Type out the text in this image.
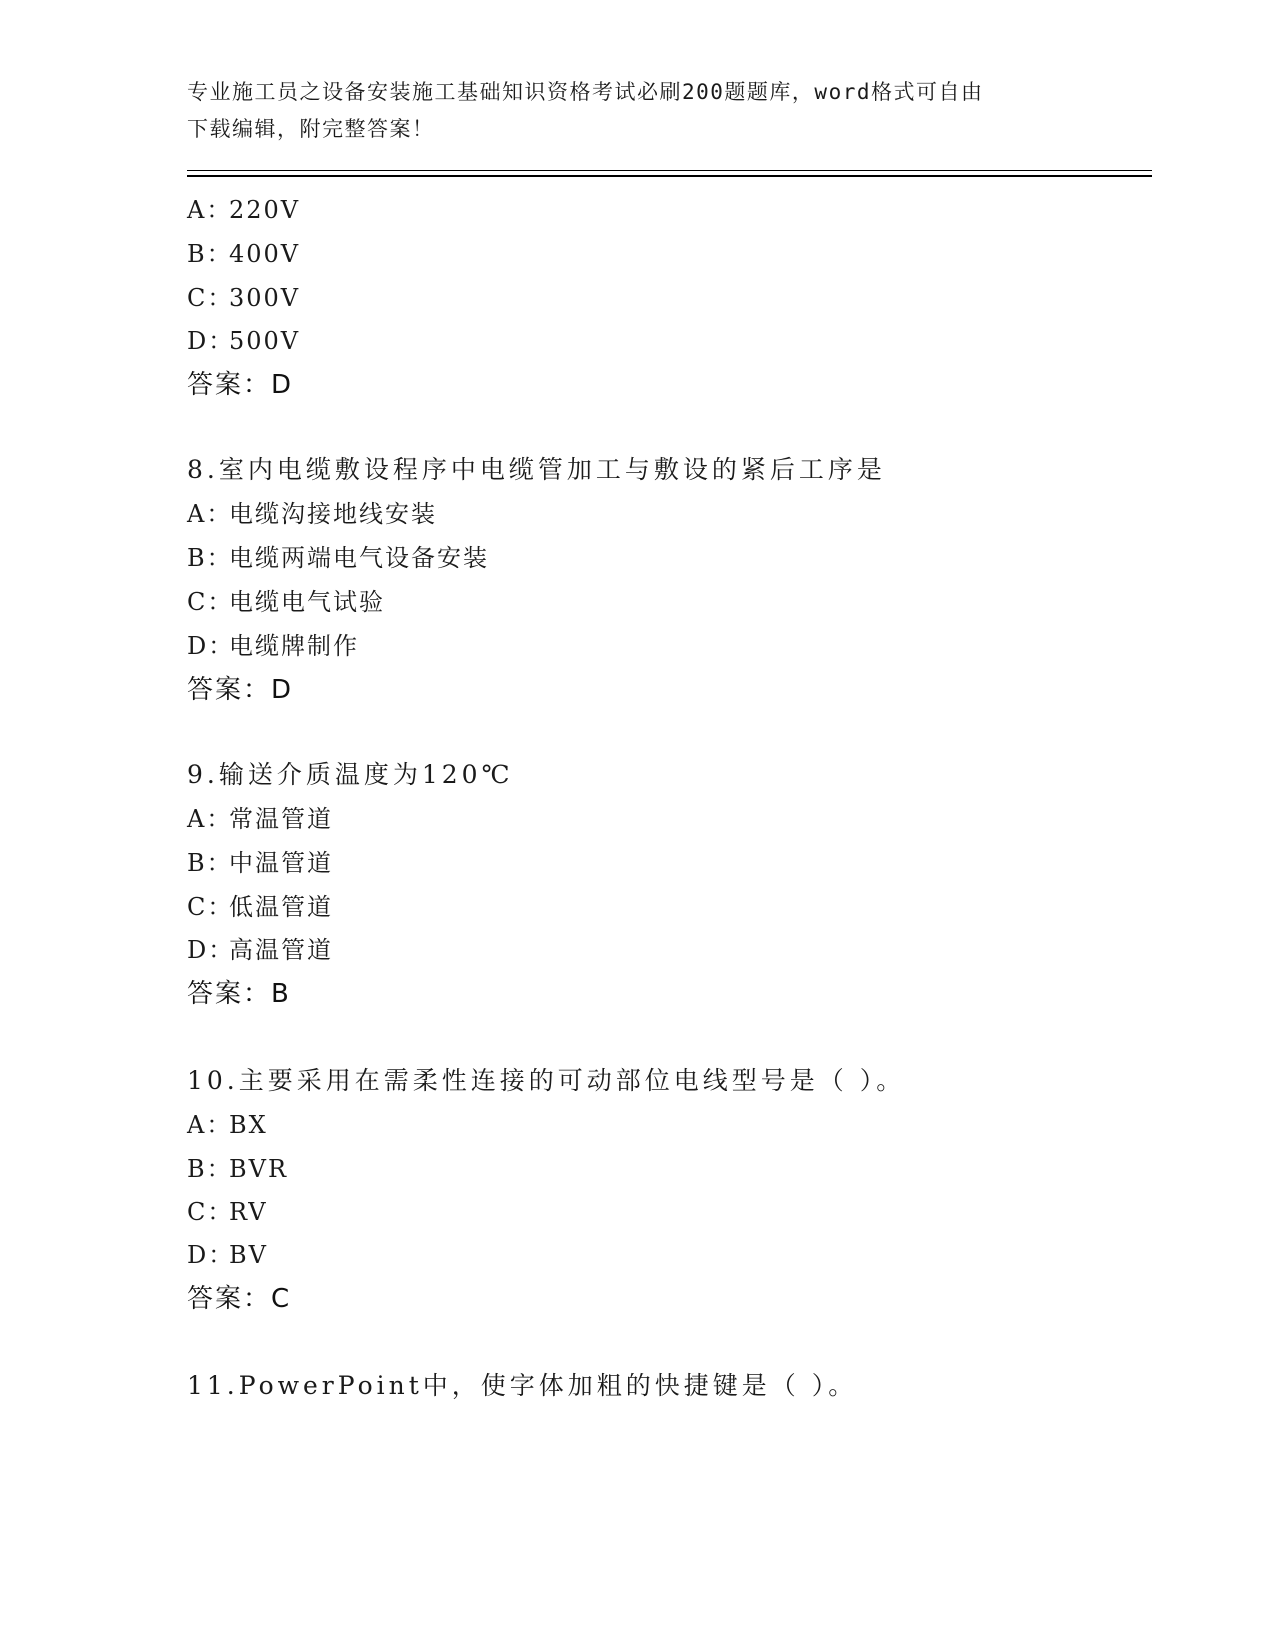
专业施工员之设备安装施工基础知识资格考试必刷200题题库，word格式可自由
下载编辑，附完整答案！
A：220V
B：400V
C：300V
D：500V
答案：D
8.室内电缆敷设程序中电缆管加工与敷设的紧后工序是
A：电缆沟接地线安装
B：电缆两端电气设备安装
C：电缆电气试验
D：电缆牌制作
答案：D
9.输送介质温度为120℃
A：常温管道
B：中温管道
C：低温管道
D：高温管道
答案：B
10.主要采用在需柔性连接的可动部位电线型号是（ ）。
A：BX
B：BVR
C：RV
D：BV
答案：C
11.PowerPoint中，使字体加粗的快捷键是（ ）。
